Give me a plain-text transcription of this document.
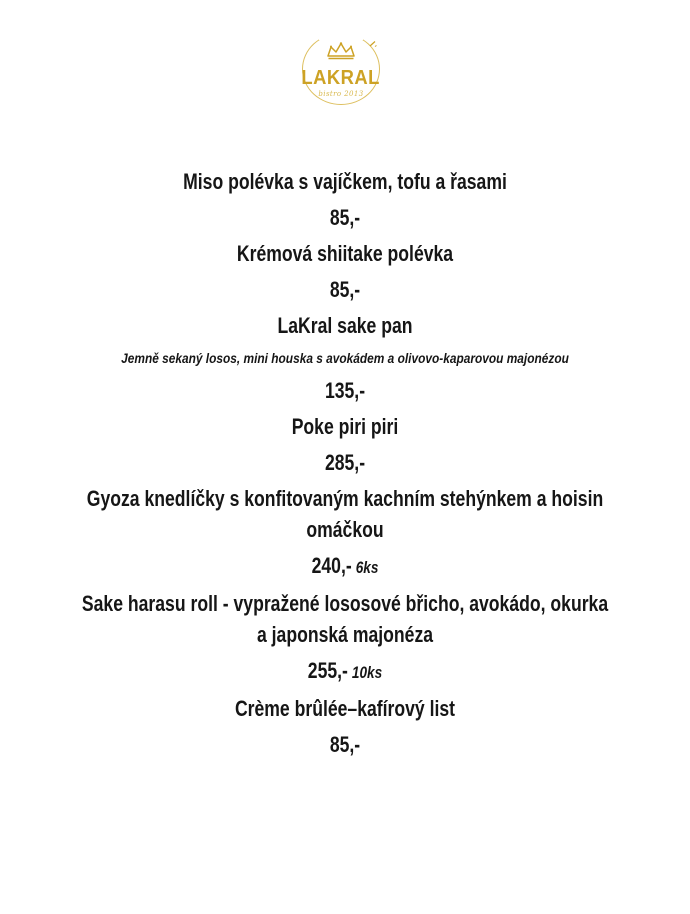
LAKRAL
bistro 2013
Miso polévka s vajíčkem, tofu a řasami

85,-

Krémová shiitake polévka

85,-

LaKral sake pan

Jemně sekaný losos, mini houska s avokádem a olivovo-kaparovou majonézou

135,-

Poke piri piri

285,-

Gyoza knedlíčky s konfitovaným kachním stehýnkem a hoisin omáčkou

240,- 6ks

Sake harasu roll - vypražené lososové břicho, avokádo, okurka a japonská majonéza

255,- 10ks

Crème brûlée–kafírový list

85,-
